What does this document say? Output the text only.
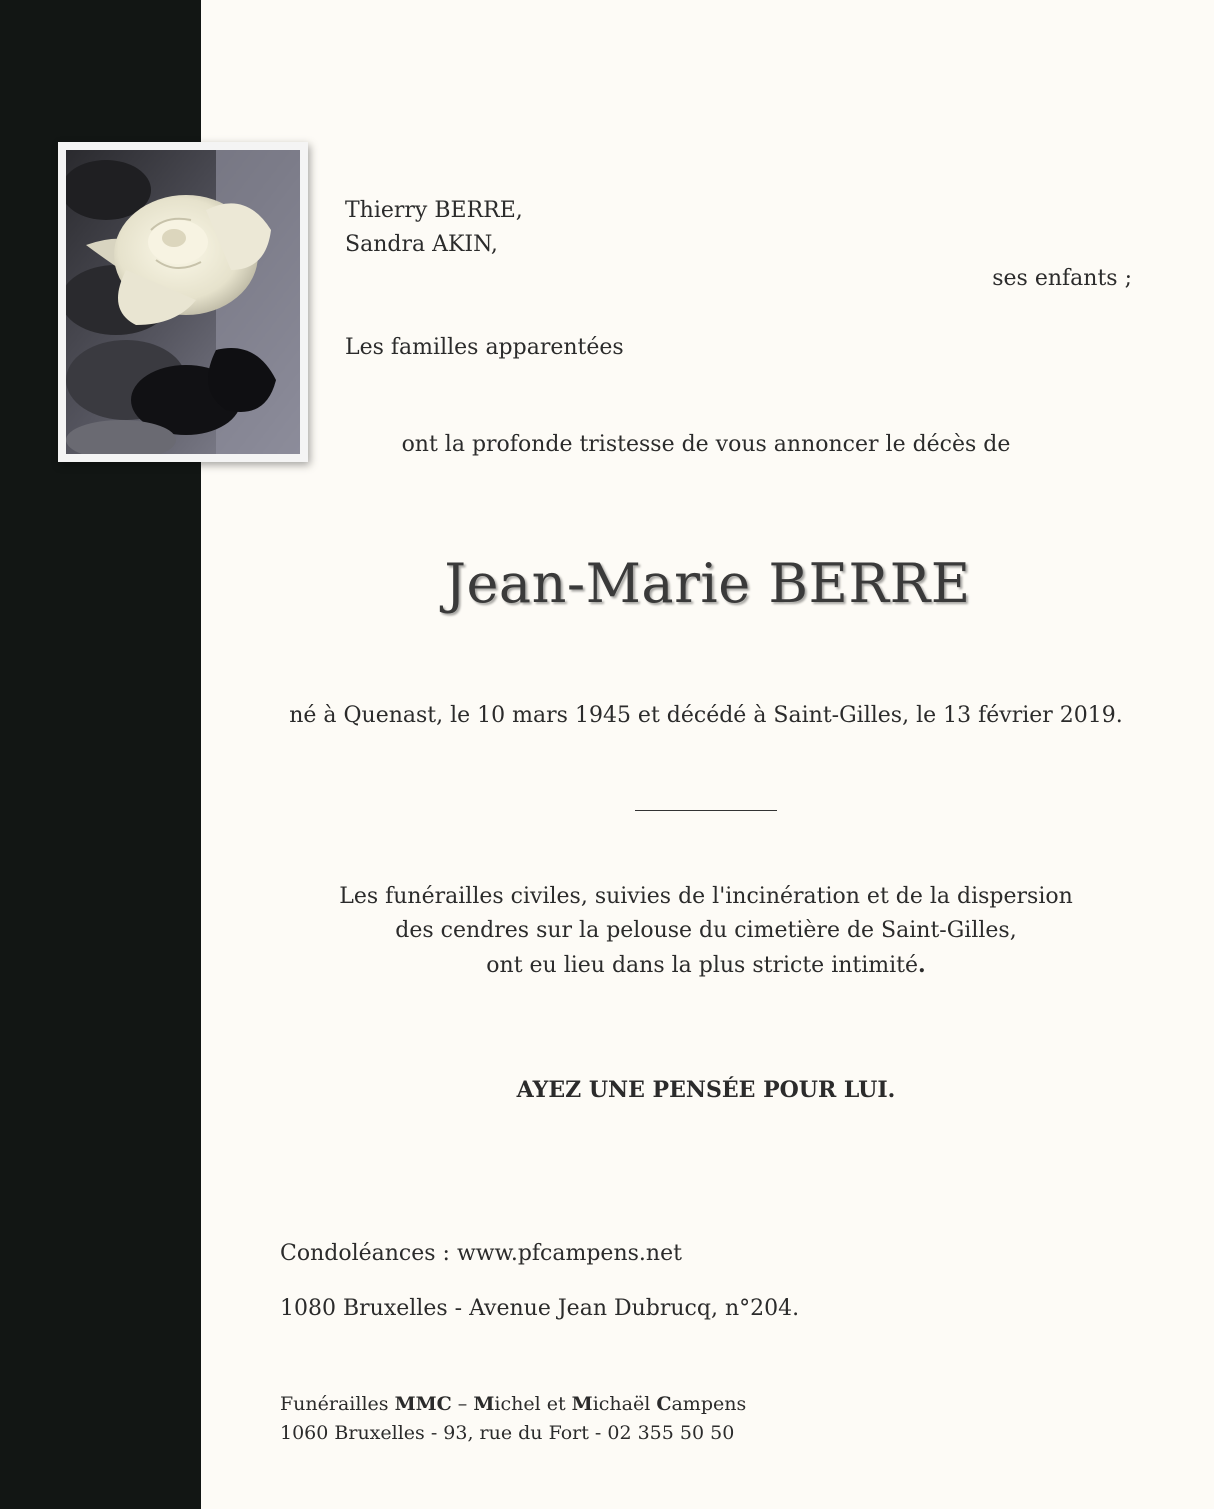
Thierry BERRE,
Sandra AKIN,
ses enfants ;
Les familles apparentées
ont la profonde tristesse de vous annoncer le décès de
Jean-Marie BERRE
né à Quenast, le 10 mars 1945 et décédé à Saint-Gilles, le 13 février 2019.
Les funérailles civiles, suivies de l'incinération et de la dispersion
des cendres sur la pelouse du cimetière de Saint-Gilles,
ont eu lieu dans la plus stricte intimité.
AYEZ UNE PENSÉE POUR LUI.
Condoléances : www.pfcampens.net
1080 Bruxelles - Avenue Jean Dubrucq, n°204.
Funérailles MMC – Michel et Michaël Campens
1060 Bruxelles - 93, rue du Fort - 02 355 50 50
